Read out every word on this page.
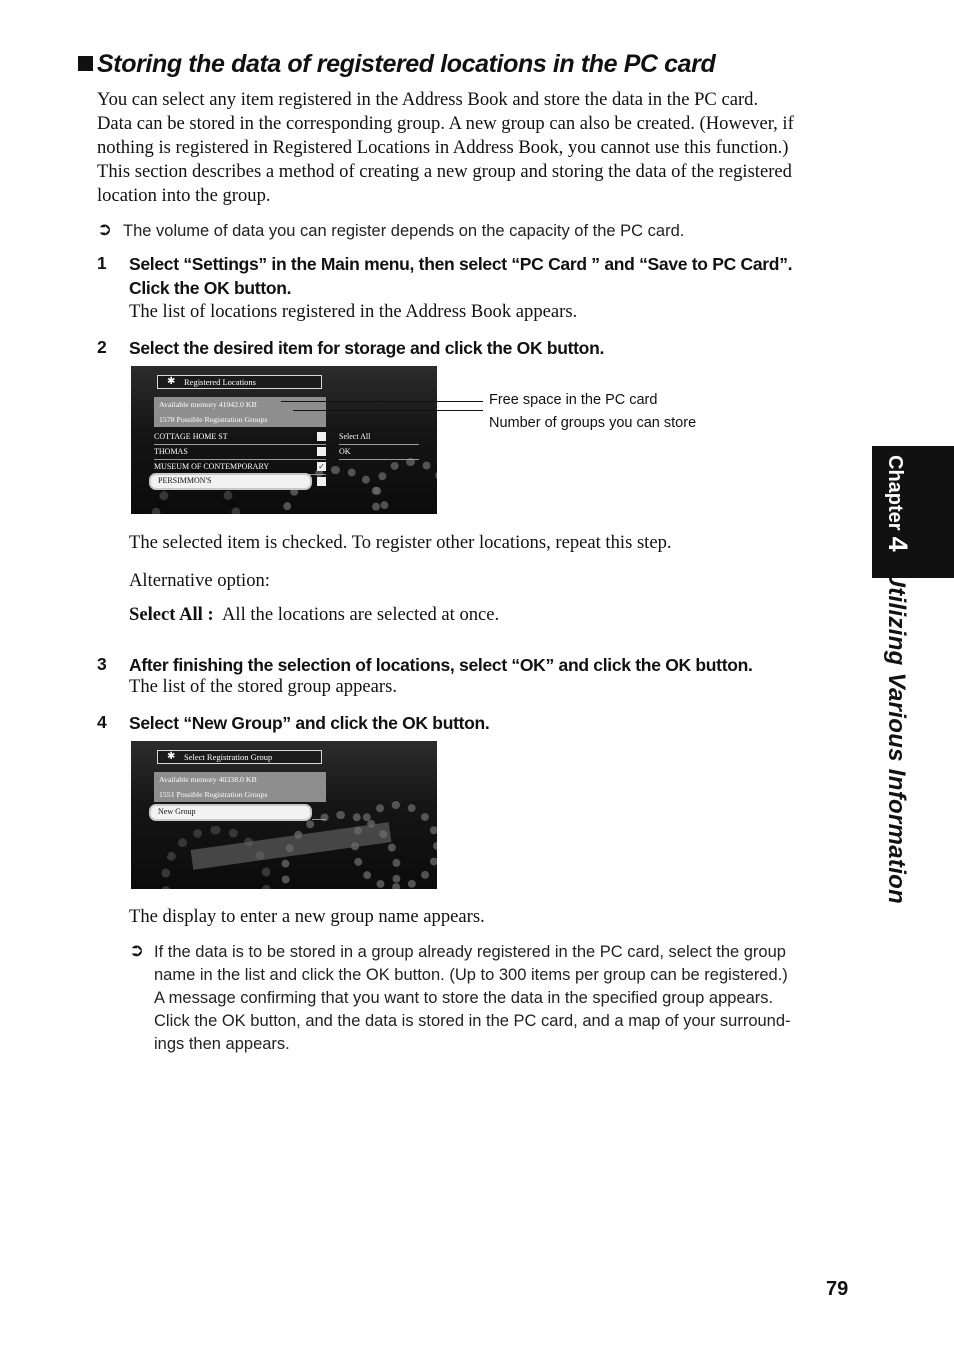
Storing the data of registered locations in the PC card

You can select any item registered in the Address Book and store the data in the PC card.

Data can be stored in the corresponding group. A new group can also be created. (However, if

nothing is registered in Registered Locations in Address Book, you cannot use this function.)

This section describes a method of creating a new group and storing the data of the registered

location into the group.

➲ The volume of data you can register depends on the capacity of the PC card.
1 Select “Settings” in the Main menu, then select “PC Card ” and “Save to PC Card”.
Click the OK button.
The list of locations registered in the Address Book appears.
2 Select the desired item for storage and click the OK button.
✱ Registered Locations
Available memory 41042.0 KB
1578 Possible Registration Groups
COTTAGE HOME ST
THOMAS
MUSEUM OF CONTEMPORARY
PERSIMMON'S
✓
Select All
OK
Free space in the PC card
Number of groups you can store
The selected item is checked. To register other locations, repeat this step.
Alternative option:
Select All : All the locations are selected at once.
3 After finishing the selection of locations, select “OK” and click the OK button.
The list of the stored group appears.
4 Select “New Group” and click the OK button.
✱ Select Registration Group
Available memory 40338.0 KB
1551 Possible Registration Groups
New Group
The display to enter a new group name appears.
➲ If the data is to be stored in a group already registered in the PC card, select the group
name in the list and click the OK button. (Up to 300 items per group can be registered.)
A message confirming that you want to store the data in the specified group appears.
Click the OK button, and the data is stored in the PC card, and a map of your surround-
ings then appears.
Chapter4Utilizing Various Information
79
